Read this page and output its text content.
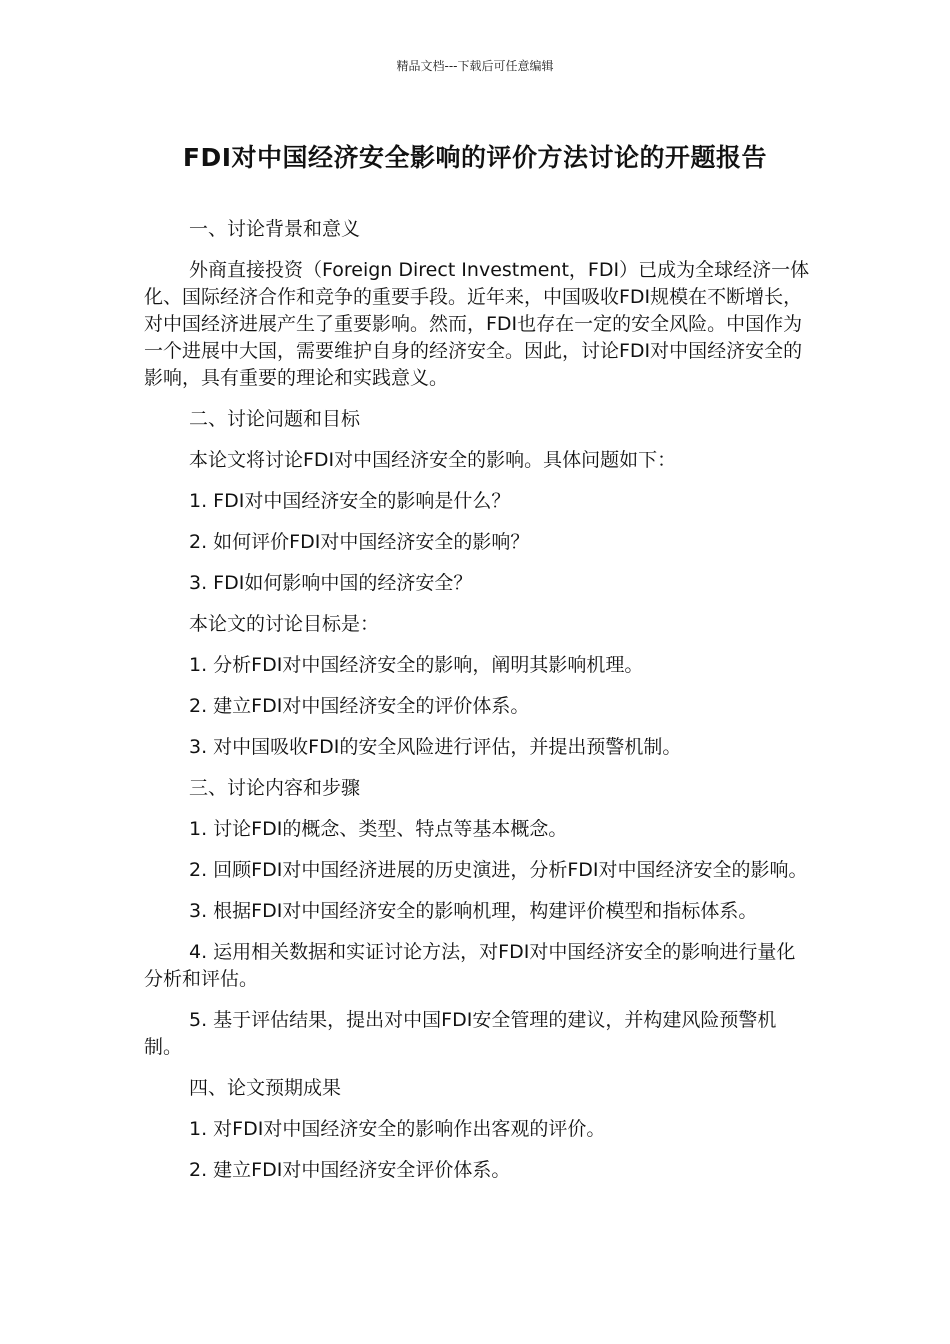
精品文档---下载后可任意编辑
FDI对中国经济安全影响的评价方法讨论的开题报告

一、讨论背景和意义

外商直接投资（Foreign Direct Investment，FDI）已成为全球经济一体化、国际经济合作和竞争的重要手段。近年来，中国吸收FDI规模在不断增长，对中国经济进展产生了重要影响。然而，FDI也存在一定的安全风险。中国作为一个进展中大国，需要维护自身的经济安全。因此，讨论FDI对中国经济安全的影响，具有重要的理论和实践意义。

二、讨论问题和目标

本论文将讨论FDI对中国经济安全的影响。具体问题如下：

1. FDI对中国经济安全的影响是什么？

2. 如何评价FDI对中国经济安全的影响？

3. FDI如何影响中国的经济安全？

本论文的讨论目标是：

1. 分析FDI对中国经济安全的影响，阐明其影响机理。

2. 建立FDI对中国经济安全的评价体系。

3. 对中国吸收FDI的安全风险进行评估，并提出预警机制。

三、讨论内容和步骤

1. 讨论FDI的概念、类型、特点等基本概念。

2. 回顾FDI对中国经济进展的历史演进，分析FDI对中国经济安全的影响。

3. 根据FDI对中国经济安全的影响机理，构建评价模型和指标体系。

4. 运用相关数据和实证讨论方法，对FDI对中国经济安全的影响进行量化分析和评估。

5. 基于评估结果，提出对中国FDI安全管理的建议，并构建风险预警机制。

四、论文预期成果

1. 对FDI对中国经济安全的影响作出客观的评价。

2. 建立FDI对中国经济安全评价体系。
